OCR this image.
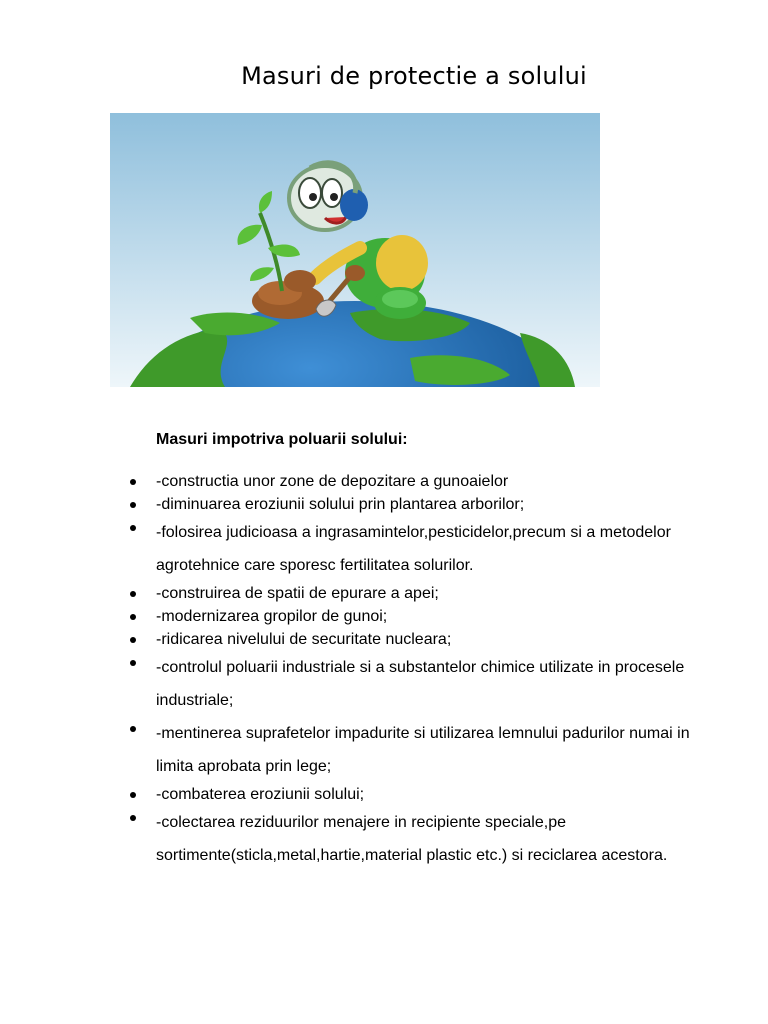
Masuri de protectie a solului
Masuri impotriva poluarii solului:
-constructia unor zone de depozitare a gunoaielor
-diminuarea eroziunii solului prin plantarea arborilor;
-folosirea judicioasa a ingrasamintelor,pesticidelor,precum si a metodelor agrotehnice care sporesc fertilitatea solurilor.
-construirea de spatii de epurare a apei;
-modernizarea gropilor de gunoi;
-ridicarea nivelului de securitate nucleara;
-controlul poluarii industriale si a substantelor chimice utilizate in procesele industriale;
-mentinerea suprafetelor impadurite si utilizarea lemnului padurilor numai in limita aprobata prin lege;
-combaterea eroziunii solului;
-colectarea reziduurilor menajere in recipiente speciale,pe sortimente(sticla,metal,hartie,material plastic etc.) si reciclarea acestora.
